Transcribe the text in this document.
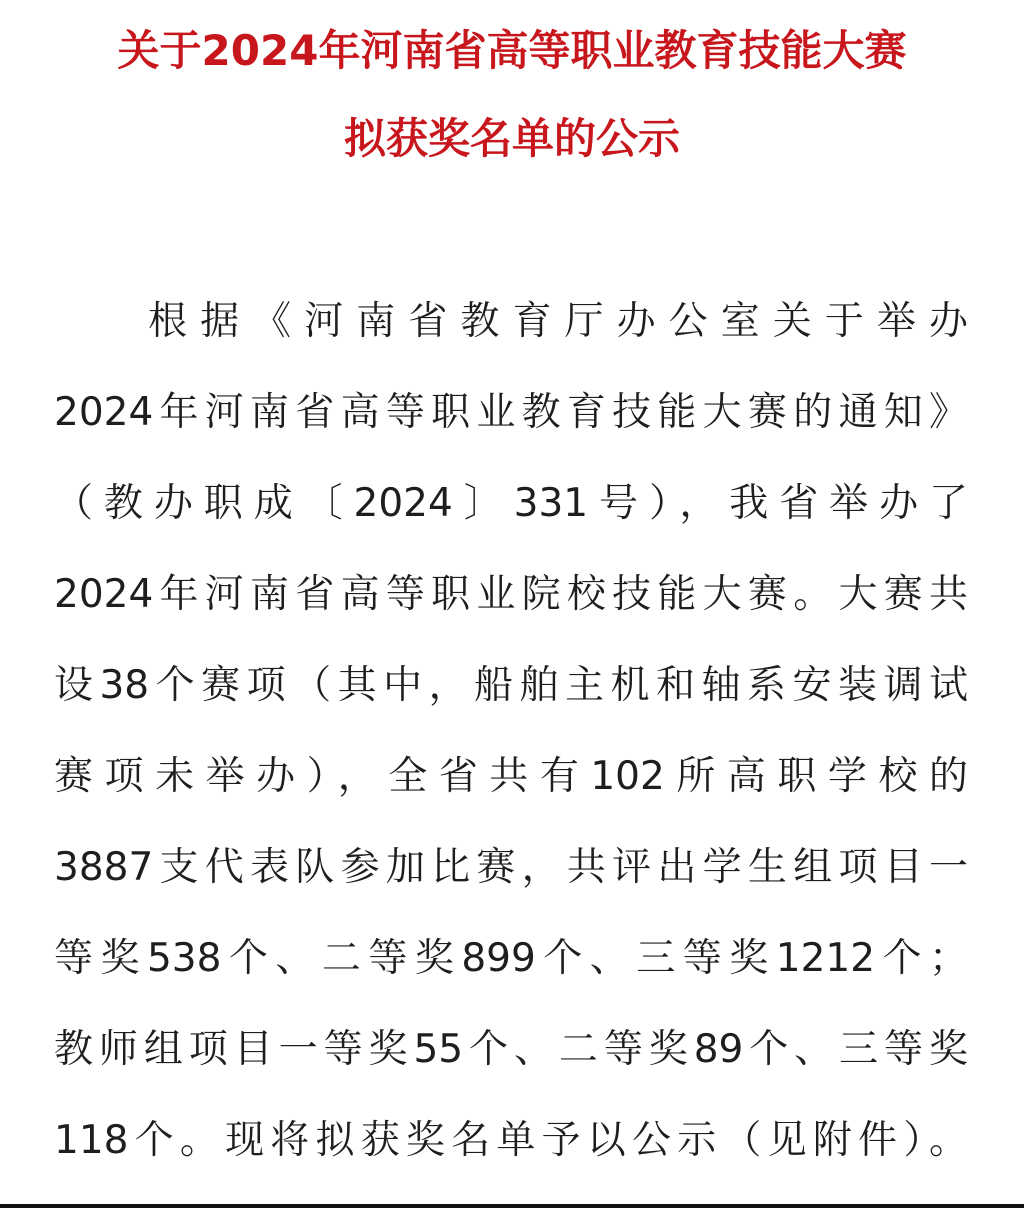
关于2024年河南省高等职业教育技能大赛
拟获奖名单的公示
根据《河南省教育厅办公室关于举办
2024年河南省高等职业教育技能大赛的通知》
（教办职成〔2024〕331号），我省举办了
2024年河南省高等职业院校技能大赛。大赛共
设38个赛项（其中，船舶主机和轴系安装调试
赛项未举办），全省共有102所高职学校的
3887支代表队参加比赛，共评出学生组项目一
等奖538个、二等奖899个、三等奖1212个；
教师组项目一等奖55个、二等奖89个、三等奖
118个。现将拟获奖名单予以公示（见附件）。
